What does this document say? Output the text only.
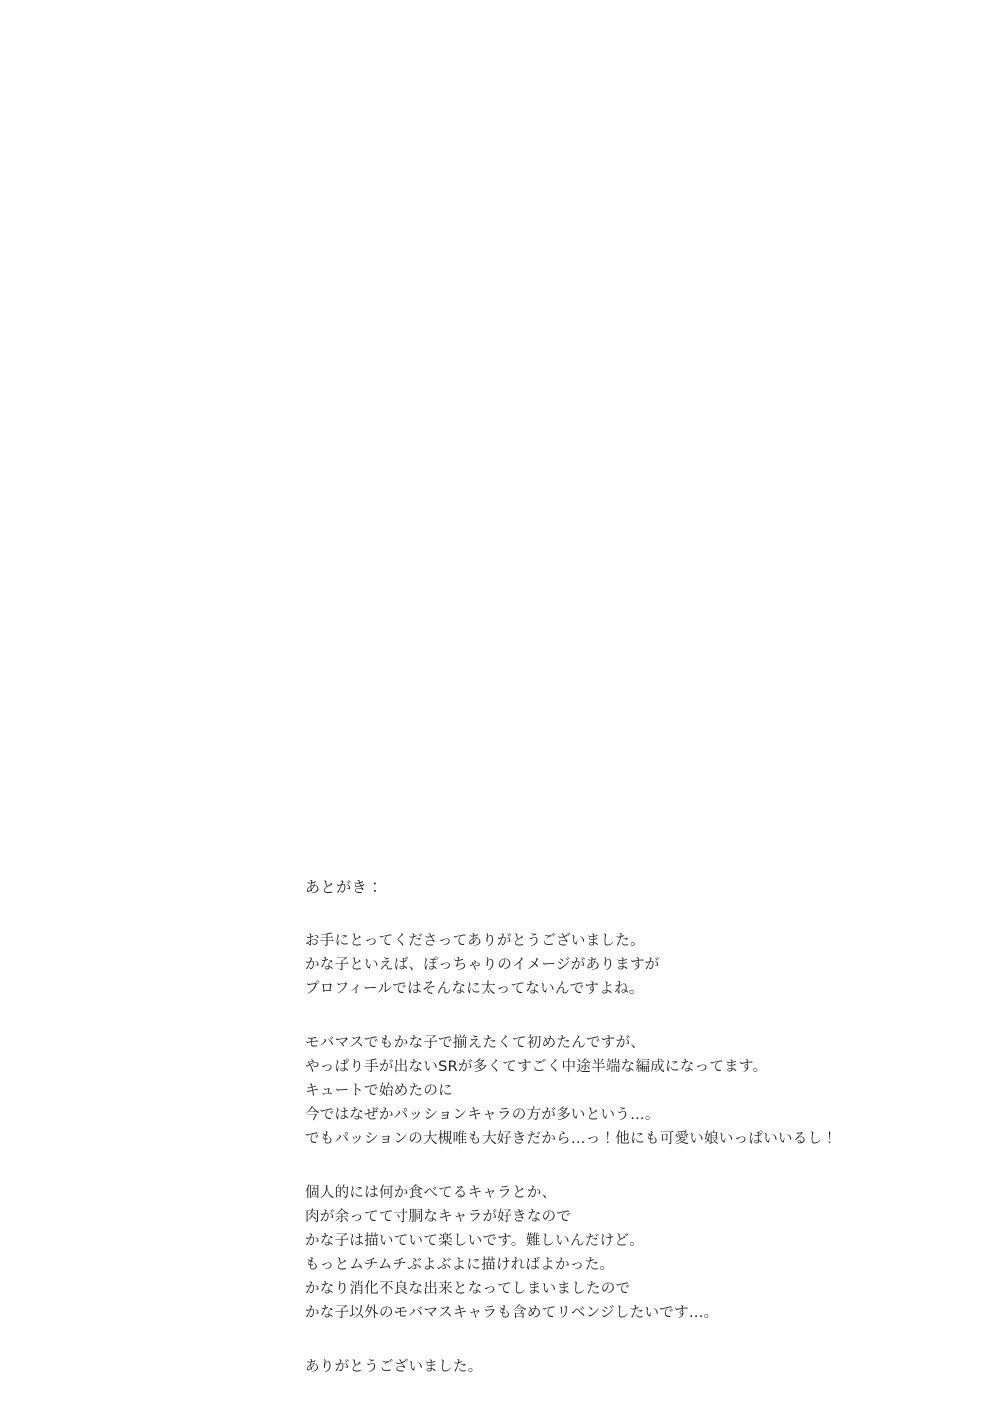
あとがき：
お手にとってくださってありがとうございました。
かな子といえば、ぽっちゃりのイメージがありますが
プロフィールではそんなに太ってないんですよね。
モバマスでもかな子で揃えたくて初めたんですが、
やっぱり手が出ないSRが多くてすごく中途半端な編成になってます。
キュートで始めたのに
今ではなぜかパッションキャラの方が多いという…。
でもパッションの大槻唯も大好きだから…っ！他にも可愛い娘いっぱいいるし！
個人的には何か食べてるキャラとか、
肉が余ってて寸胴なキャラが好きなので
かな子は描いていて楽しいです。難しいんだけど。
もっとムチムチぶよぶよに描ければよかった。
かなり消化不良な出来となってしまいましたので
かな子以外のモバマスキャラも含めてリベンジしたいです…。
ありがとうございました。
